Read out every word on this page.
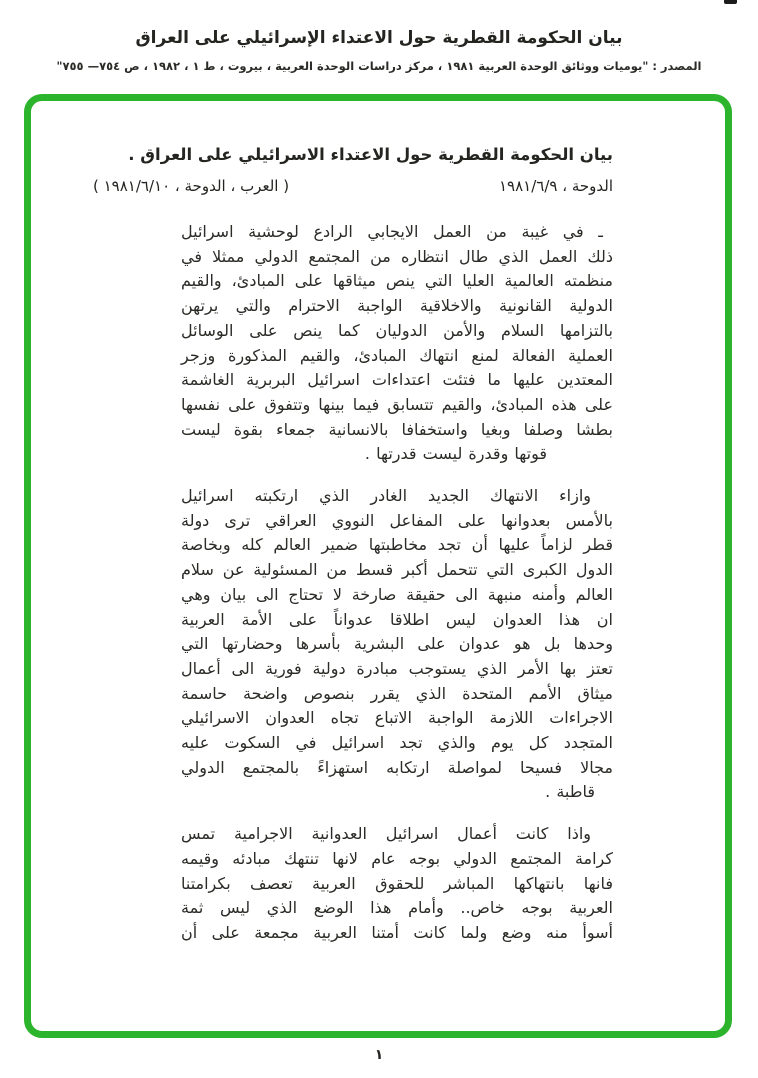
بيان الحكومة القطرية حول الاعتداء الإسرائيلي على العراق
المصدر : "يوميات ووثائق الوحدة العربية ١٩٨١ ، مركز دراسات الوحدة العربية ، بيروت ، ط ١ ، ١٩٨٢ ، ص ٧٥٤— ٧٥٥"
بيان الحكومة القطرية حول الاعتداء الاسرائيلي على العراق .
الدوحة ، ١٩٨١/٦/٩
( العرب ، الدوحة ، ١٩٨١/٦/١٠ )
ـ في غيبة من العمل الايجابي الرادع لوحشية اسرائيل
ذلك العمل الذي طال انتظاره من المجتمع الدولي ممثلا في
منظمته العالمية العليا التي ينص ميثاقها على المبادئ، والقيم
الدولية القانونية والاخلاقية الواجبة الاحترام والتي يرتهن
بالتزامها السلام والأمن الدوليان كما ينص على الوسائل
العملية الفعالة لمنع انتهاك المبادئ، والقيم المذكورة وزجر
المعتدين عليها ما فتئت اعتداءات اسرائيل البربرية الغاشمة
على هذه المبادئ، والقيم تتسابق فيما بينها وتتفوق على نفسها
بطشا وصلفا وبغيا واستخفافا بالانسانية جمعاء بقوة ليست
قوتها وقدرة ليست قدرتها .
وازاء الانتهاك الجديد الغادر الذي ارتكبته اسرائيل
بالأمس بعدوانها على المفاعل النووي العراقي ترى دولة
قطر لزاماً عليها أن تجد مخاطبتها ضمير العالم كله وبخاصة
الدول الكبرى التي تتحمل أكبر قسط من المسئولية عن سلام
العالم وأمنه منبهة الى حقيقة صارخة لا تحتاج الى بيان وهي
ان هذا العدوان ليس اطلاقا عدواناً على الأمة العربية
وحدها بل هو عدوان على البشرية بأسرها وحضارتها التي
تعتز بها الأمر الذي يستوجب مبادرة دولية فورية الى أعمال
ميثاق الأمم المتحدة الذي يقرر بنصوص واضحة حاسمة
الاجراءات اللازمة الواجبة الاتباع تجاه العدوان الاسرائيلي
المتجدد كل يوم والذي تجد اسرائيل في السكوت عليه
مجالا فسيحا لمواصلة ارتكابه استهزاءً بالمجتمع الدولي
قاطبة .
واذا كانت أعمال اسرائيل العدوانية الاجرامية تمس
كرامة المجتمع الدولي بوجه عام لانها تنتهك مبادئه وقيمه
فانها بانتهاكها المباشر للحقوق العربية تعصف بكرامتنا
العربية بوجه خاص.. وأمام هذا الوضع الذي ليس ثمة
أسوأ منه وضع ولما كانت أمتنا العربية مجمعة على أن
١
